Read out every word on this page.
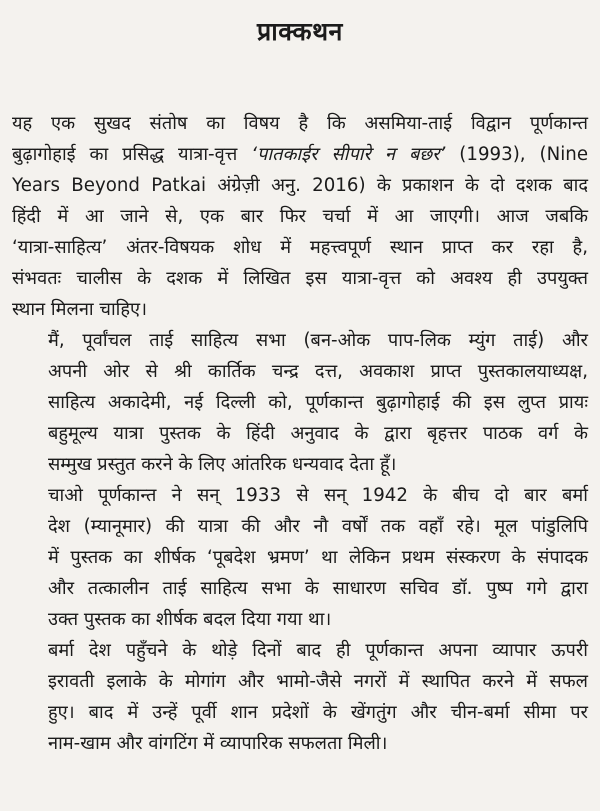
प्राक्कथन

यह एक सुखद संतोष का विषय है कि असमिया-ताई विद्वान पूर्णकान्त
बुढ़ागोहाई का प्रसिद्ध यात्रा-वृत्त ‘पातकाईर सीपारे न बछर’ (1993), (Nine
Years Beyond Patkai अंग्रेज़ी अनु. 2016) के प्रकाशन के दो दशक बाद
हिंदी में आ जाने से, एक बार फिर चर्चा में आ जाएगी। आज जबकि
‘यात्रा-साहित्य’ अंतर-विषयक शोध में महत्त्वपूर्ण स्थान प्राप्त कर रहा है,
संभवतः चालीस के दशक में लिखित इस यात्रा-वृत्त को अवश्य ही उपयुक्त
स्थान मिलना चाहिए।

मैं, पूर्वांचल ताई साहित्य सभा (बन-ओक पाप-लिक म्युंग ताई) और
अपनी ओर से श्री कार्तिक चन्द्र दत्त, अवकाश प्राप्त पुस्तकालयाध्यक्ष,
साहित्य अकादेमी, नई दिल्ली को, पूर्णकान्त बुढ़ागोहाई की इस लुप्त प्रायः
बहुमूल्य यात्रा पुस्तक के हिंदी अनुवाद के द्वारा बृहत्तर पाठक वर्ग के
सम्मुख प्रस्तुत करने के लिए आंतरिक धन्यवाद देता हूँ।

चाओ पूर्णकान्त ने सन् 1933 से सन् 1942 के बीच दो बार बर्मा
देश (म्यानूमार) की यात्रा की और नौ वर्षों तक वहाँ रहे। मूल पांडुलिपि
में पुस्तक का शीर्षक ‘पूबदेश भ्रमण’ था लेकिन प्रथम संस्करण के संपादक
और तत्कालीन ताई साहित्य सभा के साधारण सचिव डॉ. पुष्प गगे द्वारा
उक्त पुस्तक का शीर्षक बदल दिया गया था।

बर्मा देश पहुँचने के थोड़े दिनों बाद ही पूर्णकान्त अपना व्यापार ऊपरी
इरावती इलाके के मोगांग और भामो-जैसे नगरों में स्थापित करने में सफल
हुए। बाद में उन्हें पूर्वी शान प्रदेशों के खेंगतुंग और चीन-बर्मा सीमा पर
नाम-खाम और वांगटिंग में व्यापारिक सफलता मिली।
